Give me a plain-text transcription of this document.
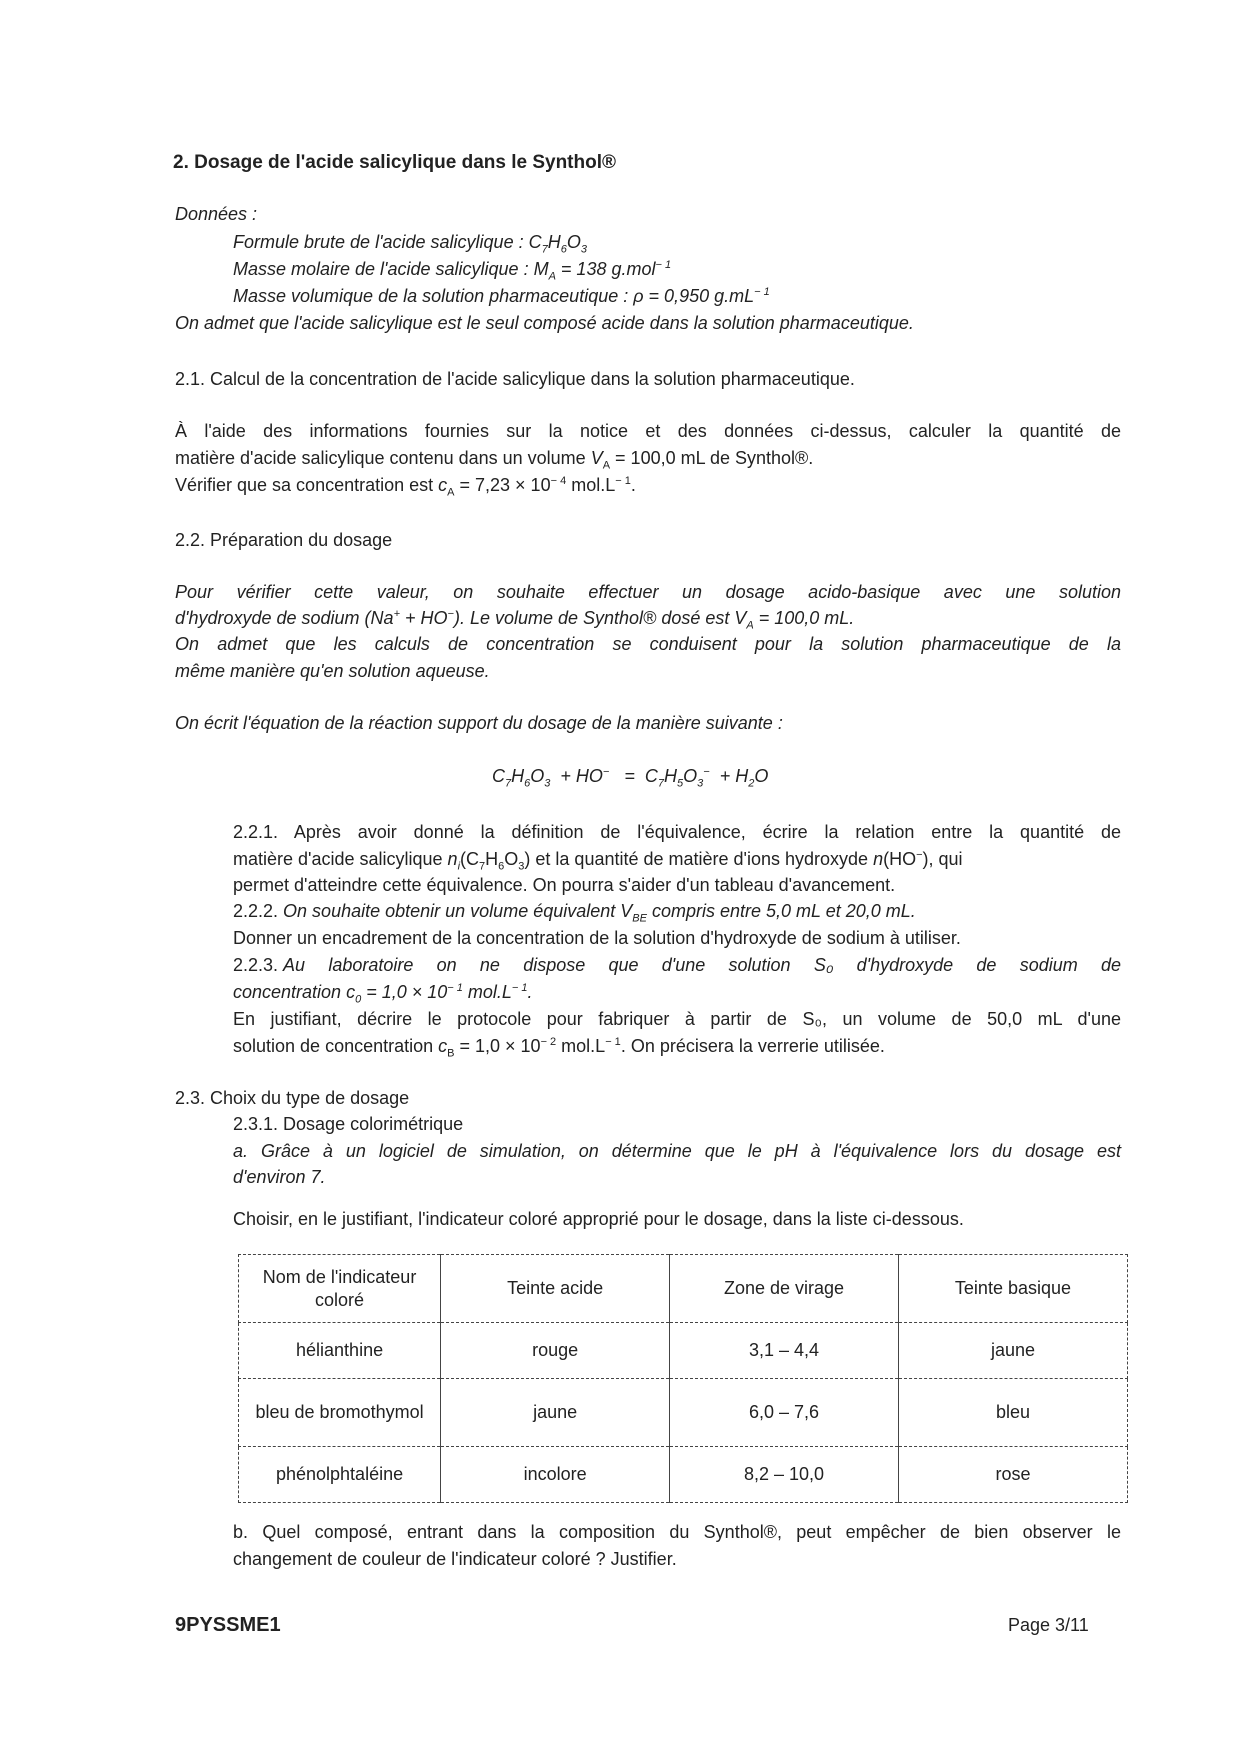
2. Dosage de l'acide salicylique dans le Synthol®
Données :
Formule brute de l'acide salicylique : $C_7H_6O_3$
Masse molaire de l'acide salicylique : $M_A = 138$ g.mol$^{- 1}$
Masse volumique de la solution pharmaceutique : ρ = 0,950 $g.mL^{- 1}$
On admet que l'acide salicylique est le seul composé acide dans la solution pharmaceutique.
2.1. Calcul de la concentration de l'acide salicylique dans la solution pharmaceutique.
À l'aide des informations fournies sur la notice et des données ci-dessus, calculer la quantité de
matière d'acide salicylique contenu dans un volume $V_A = 100,0$ mL de Synthol®.
Vérifier que sa concentration est $c_A = 7,23 \times 10^{- 4}$ $mol.L^{- 1}$.
2.2. Préparation du dosage
Pour vérifier cette valeur, on souhaite effectuer un dosage acido-basique avec une solution
d'hydroxyde de sodium (Na+ + HO−). Le volume de Synthol® dosé est $V_A = 100,0$ mL.
On admet que les calculs de concentration se conduisent pour la solution pharmaceutique de la
même manière qu'en solution aqueuse.
On écrit l'équation de la réaction support du dosage de la manière suivante :
$C_7H_6O_3 + HO^- = C_7H_5O_3^- + H_2O$
2.2.1. Après avoir donné la définition de l'équivalence, écrire la relation entre la quantité de
matière d'acide salicylique $n_i(C_7H_6O_3)$ et la quantité de matière d'ions hydroxyde n(HO−), qui
permet d'atteindre cette équivalence. On pourra s'aider d'un tableau d'avancement.
2.2.2. On souhaite obtenir un volume équivalent $V_{BE}$ compris entre 5,0 mL et 20,0 mL.
Donner un encadrement de la concentration de la solution d'hydroxyde de sodium à utiliser.
2.2.3. Au laboratoire on ne dispose que d'une solution S₀ d'hydroxyde de sodium de
concentration $c_0 = 1,0 \times 10^{- 1}$ $mol.L^{- 1}$.
En justifiant, décrire le protocole pour fabriquer à partir de S₀, un volume de 50,0 mL d'une
solution de concentration $c_B = 1,0 \times 10^{- 2}$ $mol.L^{- 1}$. On précisera la verrerie utilisée.
2.3. Choix du type de dosage
2.3.1. Dosage colorimétrique
a. Grâce à un logiciel de simulation, on détermine que le pH à l'équivalence lors du dosage est
d'environ 7.
Choisir, en le justifiant, l'indicateur coloré approprié pour le dosage, dans la liste ci-dessous.
Nom de l'indicateur coloré	Teinte acide	Zone de virage	Teinte basique
hélianthine	rouge	3,1 – 4,4	jaune
bleu de bromothymol	jaune	6,0 – 7,6	bleu
phénolphtaléine	incolore	8,2 – 10,0	rose
b. Quel composé, entrant dans la composition du Synthol®, peut empêcher de bien observer le
changement de couleur de l'indicateur coloré ? Justifier.
9PYSSME1	Page 3/11
